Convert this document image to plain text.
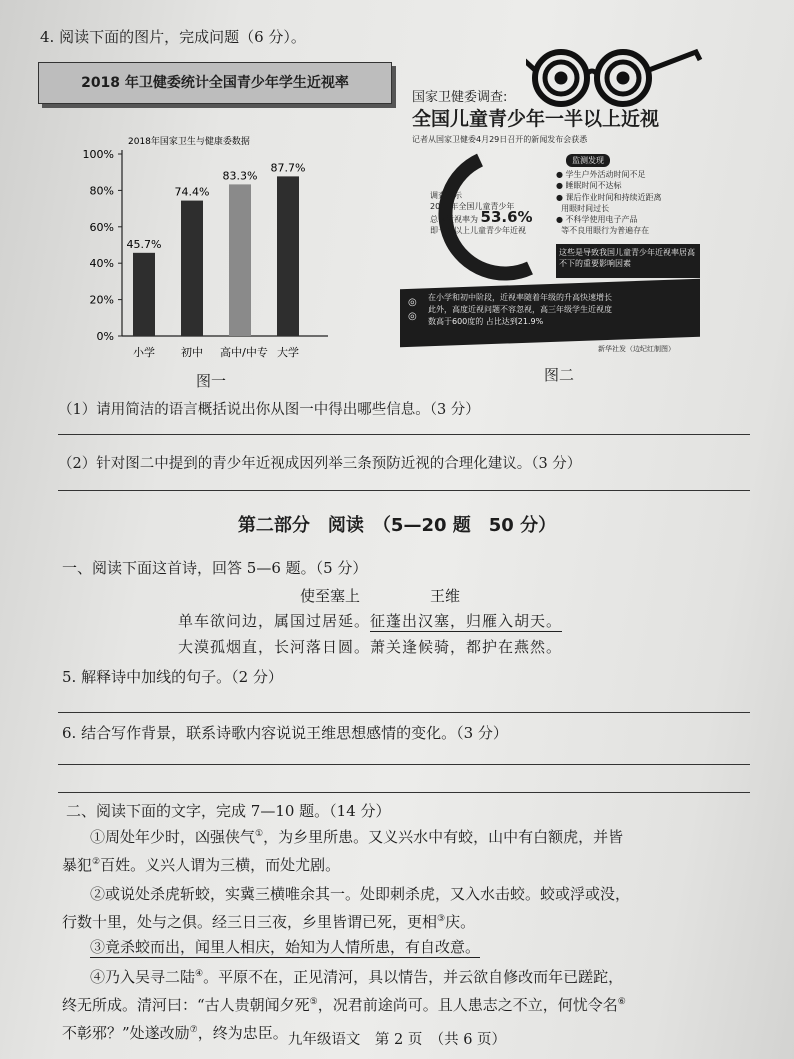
4. 阅读下面的图片，完成问题（6 分）。
2018 年卫健委统计全国青少年学生近视率
2018年国家卫生与健康委数据
0%
20%
40%
60%
80%
100%
45.7%
小学
74.4%
初中
83.3%
高中/中专
87.7%
大学
图一
国家卫健委调查:
全国儿童青少年一半以上近视
记者从国家卫健委4月29日召开的新闻发布会获悉
调查显示
2018年全国儿童青少年
总体近视率为 53.6%
即一半以上儿童青少年近视
监测发现
● 学生户外活动时间不足
● 睡眠时间不达标
● 课后作业时间和持续近距离
用眼时间过长
● 不科学使用电子产品
等不良用眼行为普遍存在
这些是导致我国儿童青少年近视率居高不下的重要影响因素
在小学和初中阶段，近视率随着年级的升高快速增长
此外，高度近视问题不容忽视，高三年级学生近视度
数高于600度的 占比达到21.9%
◎
◎
新华社发（边纪红制图）
图二
（1）请用简洁的语言概括说出你从图一中得出哪些信息。（3 分）
（2）针对图二中提到的青少年近视成因列举三条预防近视的合理化建议。（3 分）
第二部分　阅读　（5—20 题　50 分）
一、阅读下面这首诗，回答 5—6 题。（5 分）
使至塞上	王维
单车欲问边，属国过居延。征蓬出汉塞，归雁入胡天。
大漠孤烟直，长河落日圆。萧关逢候骑，都护在燕然。
5. 解释诗中加线的句子。（2 分）
6. 结合写作背景，联系诗歌内容说说王维思想感情的变化。（3 分）
二、阅读下面的文字，完成 7—10 题。（14 分）
①周处年少时，凶强侠气①，为乡里所患。又义兴水中有蛟，山中有白额虎，并皆
暴犯②百姓。义兴人谓为三横，而处尤剧。
②或说处杀虎斩蛟，实冀三横唯余其一。处即刺杀虎，又入水击蛟。蛟或浮或没，
行数十里，处与之俱。经三日三夜，乡里皆谓已死，更相③庆。
③竟杀蛟而出，闻里人相庆，始知为人情所患，有自改意。
④乃入吴寻二陆④。平原不在，正见清河，具以情告，并云欲自修改而年已蹉跎，
终无所成。清河曰：“古人贵朝闻夕死⑤，况君前途尚可。且人患志之不立，何忧令名⑥
不彰邪？”处遂改励⑦，终为忠臣。 九年级语文　第 2 页　（共 6 页）
